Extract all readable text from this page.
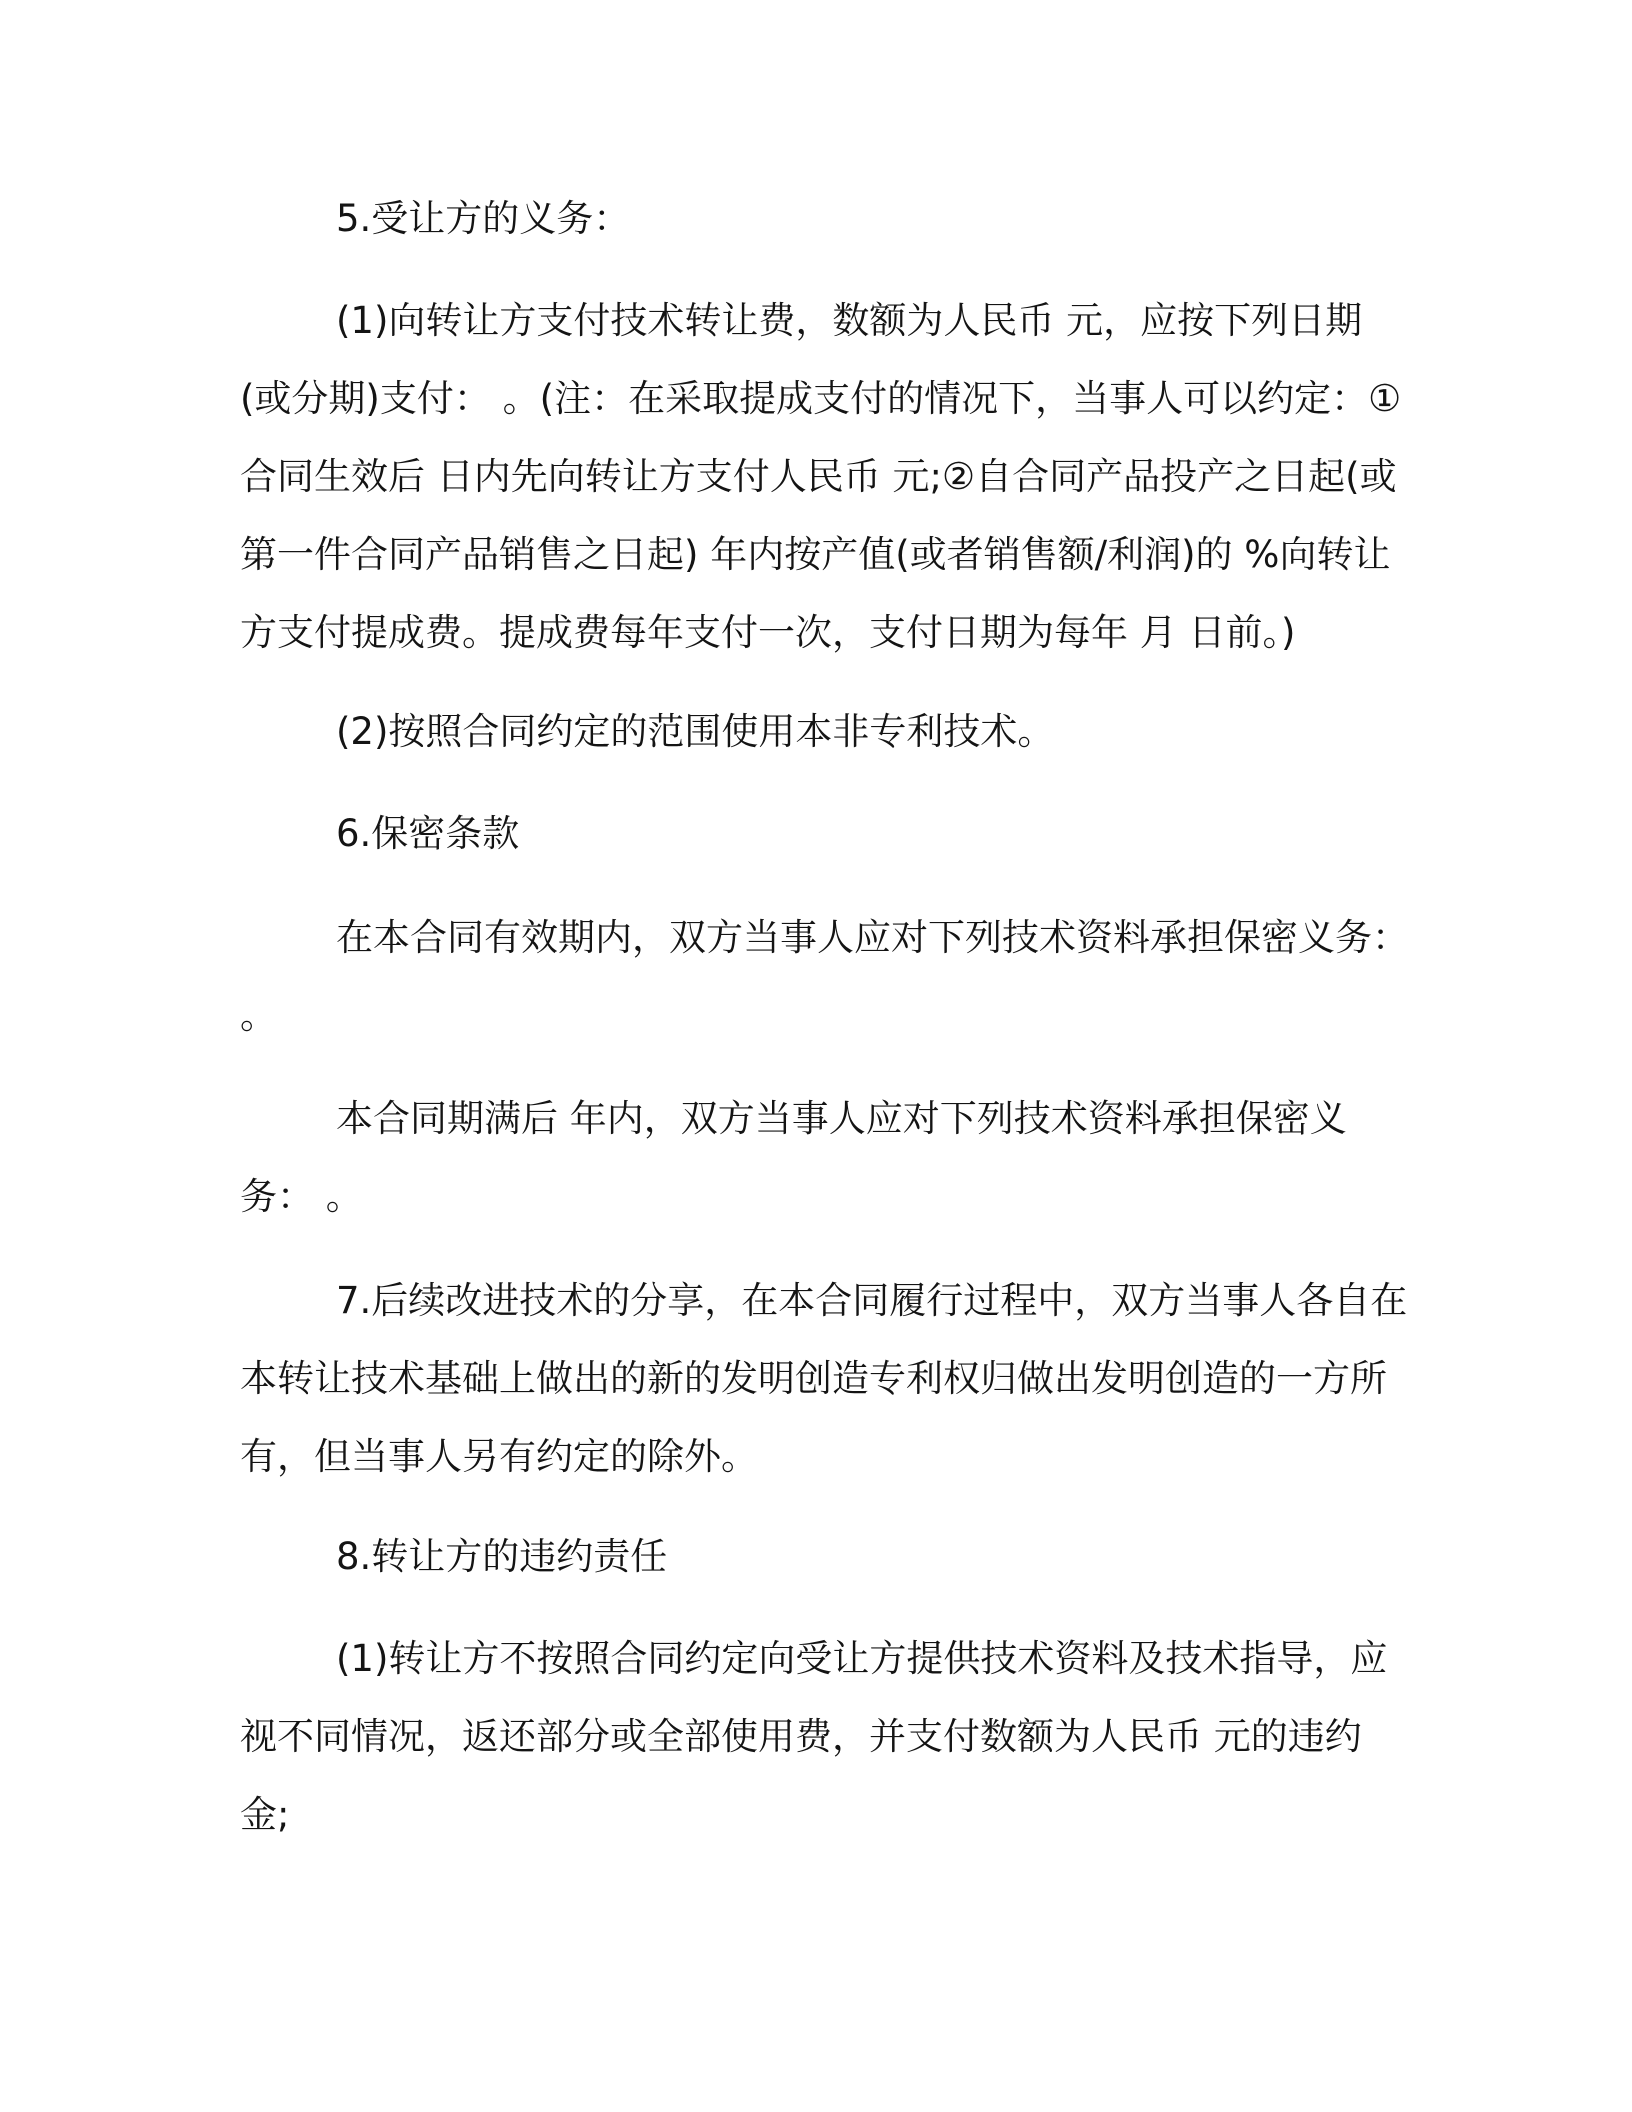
5.受让方的义务：

(1)向转让方支付技术转让费，数额为人民币 元，应按下列日期(或分期)支付： 。(注：在采取提成支付的情况下，当事人可以约定：①合同生效后 日内先向转让方支付人民币 元;②自合同产品投产之日起(或第一件合同产品销售之日起) 年内按产值(或者销售额/利润)的 %向转让方支付提成费。提成费每年支付一次，支付日期为每年 月 日前。)

(2)按照合同约定的范围使用本非专利技术。

6.保密条款

在本合同有效期内，双方当事人应对下列技术资料承担保密义务： 。

本合同期满后 年内，双方当事人应对下列技术资料承担保密义务： 。

7.后续改进技术的分享，在本合同履行过程中，双方当事人各自在本转让技术基础上做出的新的发明创造专利权归做出发明创造的一方所有，但当事人另有约定的除外。

8.转让方的违约责任

(1)转让方不按照合同约定向受让方提供技术资料及技术指导，应视不同情况，返还部分或全部使用费，并支付数额为人民币 元的违约金;
